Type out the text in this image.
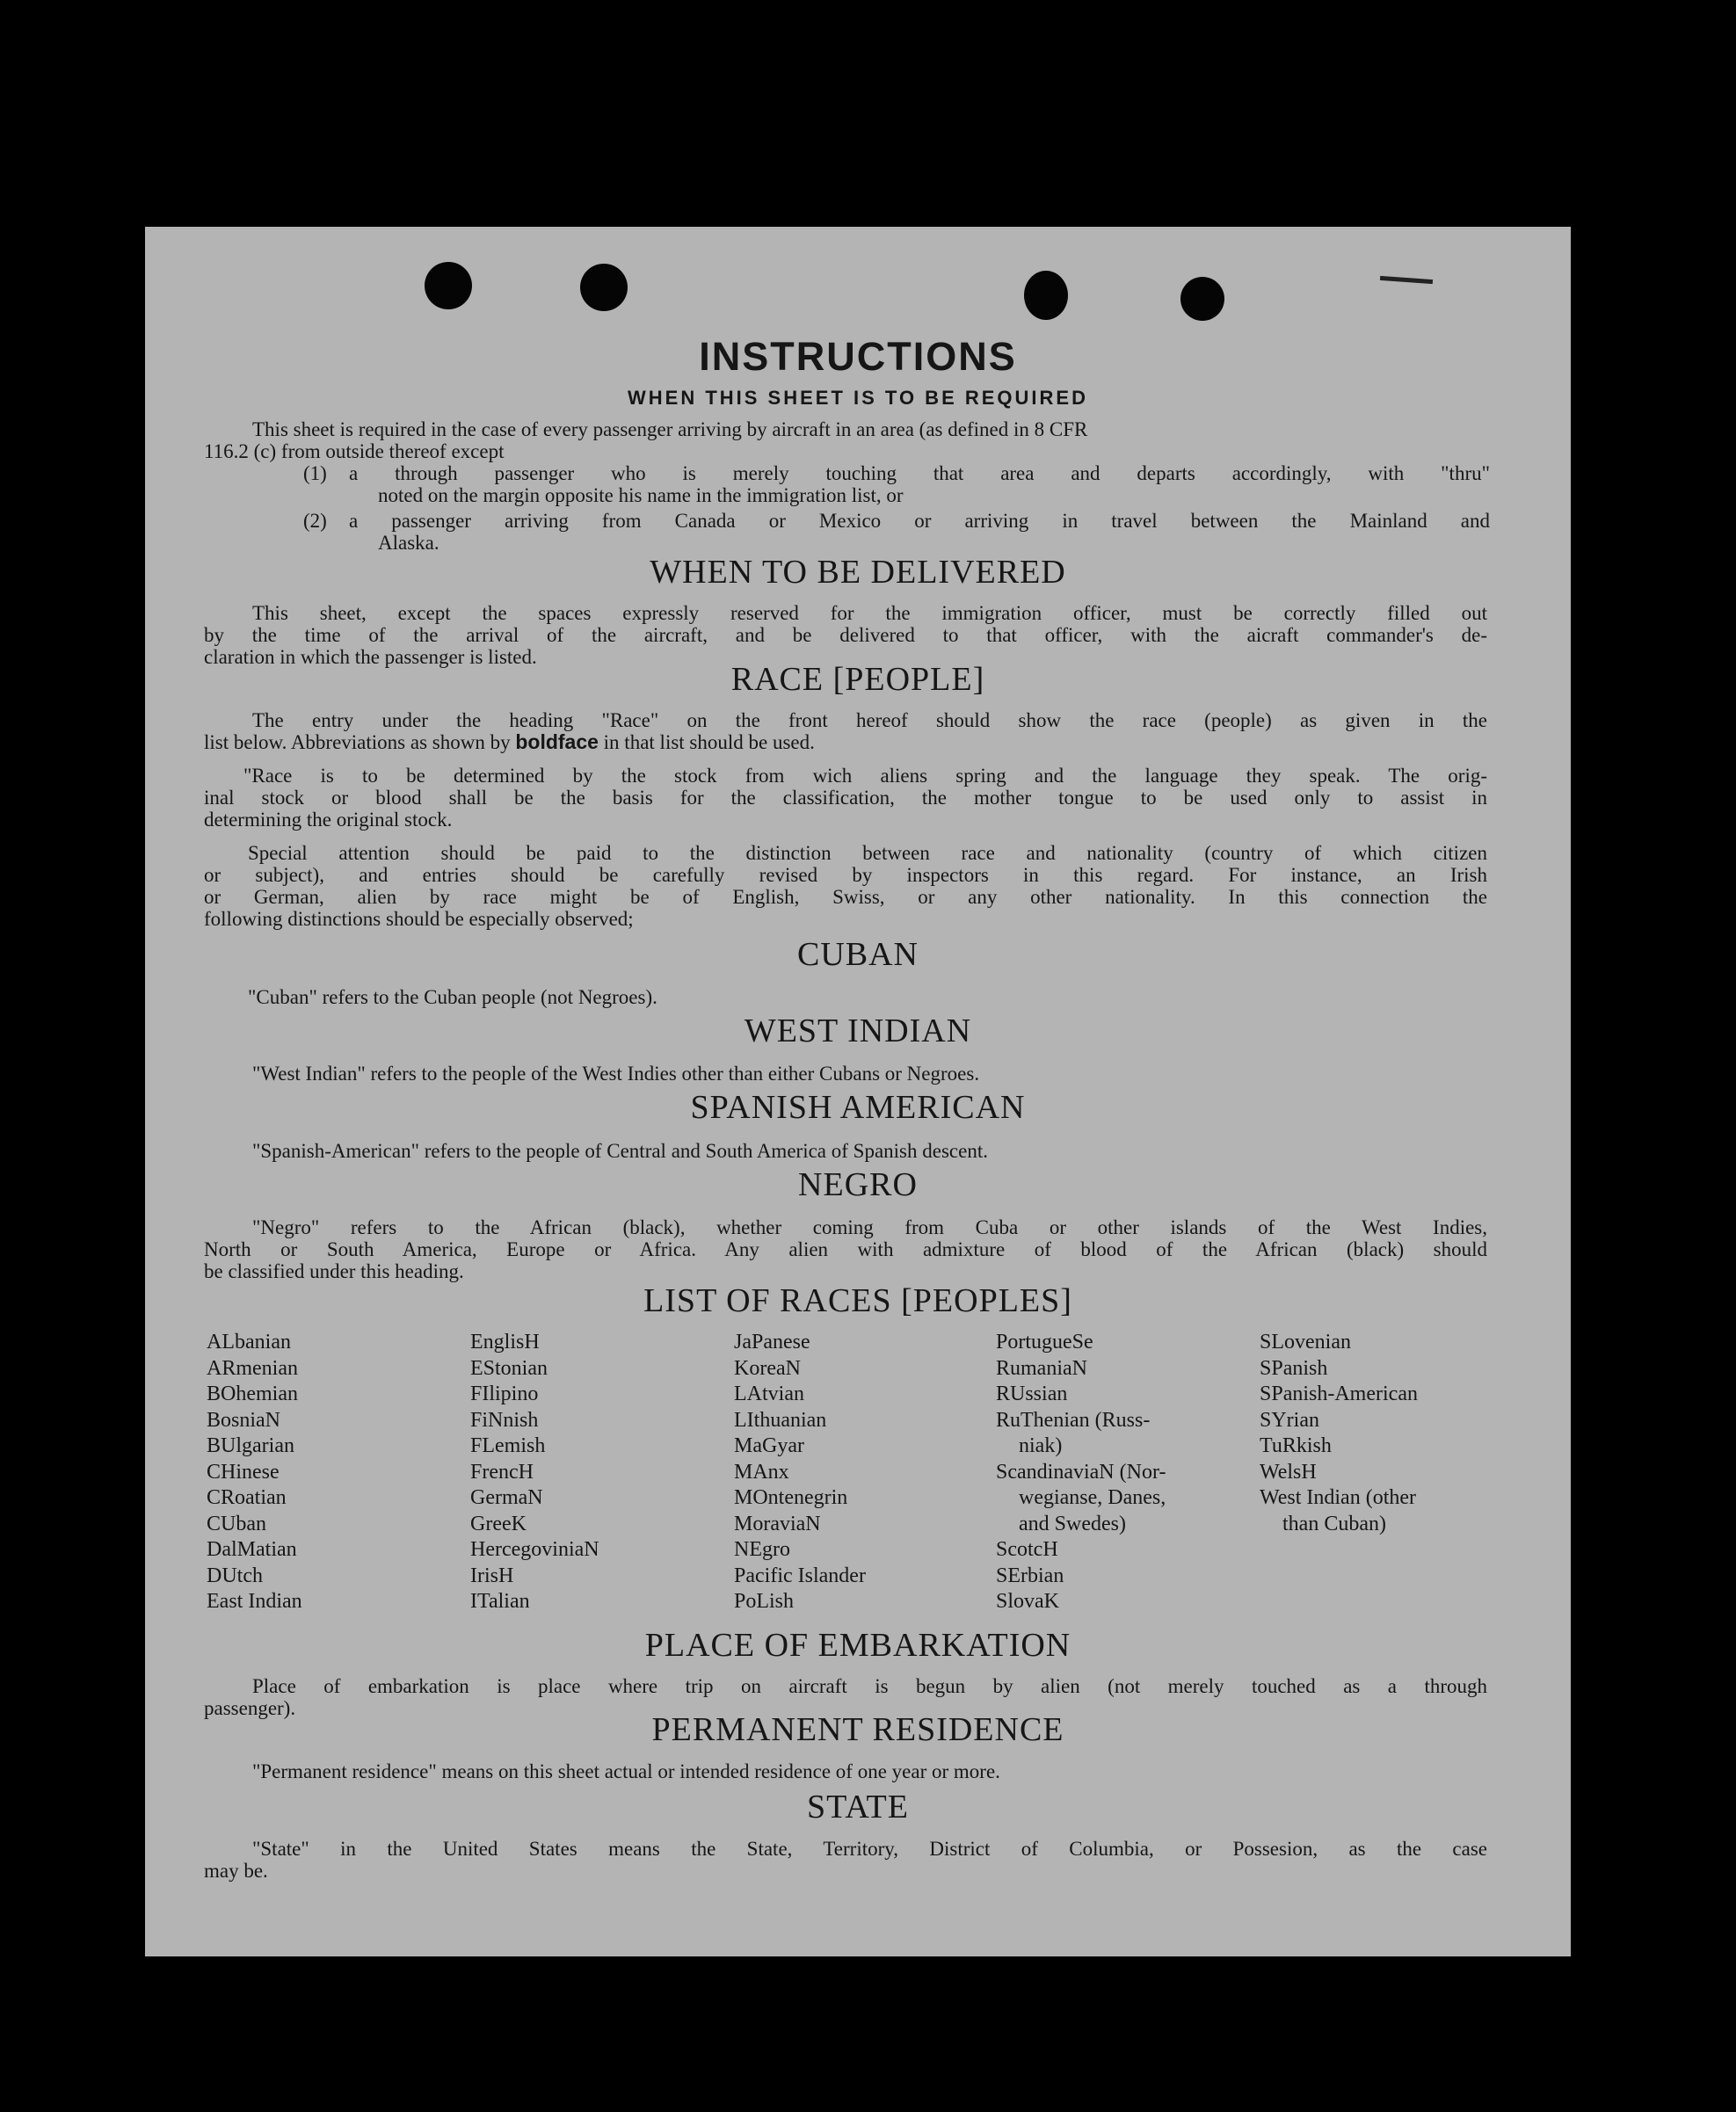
INSTRUCTIONS
WHEN THIS SHEET IS TO BE REQUIRED
This sheet is required in the case of every passenger arriving by aircraft in an area (as defined in 8 CFR
116.2 (c) from outside thereof except
(1) a through passenger who is merely touching that area and departs accordingly, with "thru"
noted on the margin opposite his name in the immigration list, or
(2) a passenger arriving from Canada or Mexico or arriving in travel between the Mainland and
Alaska.
WHEN TO BE DELIVERED
This sheet, except the spaces expressly reserved for the immigration officer, must be correctly filled out
by the time of the arrival of the aircraft, and be delivered to that officer, with the aicraft commander's de-
claration in which the passenger is listed.
RACE [PEOPLE]
The entry under the heading "Race" on the front hereof should show the race (people) as given in the
list below. Abbreviations as shown by boldface in that list should be used.
"Race is to be determined by the stock from wich aliens spring and the language they speak. The orig-
inal stock or blood shall be the basis for the classification, the mother tongue to be used only to assist in
determining the original stock.
Special attention should be paid to the distinction between race and nationality (country of which citizen
or subject), and entries should be carefully revised by inspectors in this regard. For instance, an Irish
or German, alien by race might be of English, Swiss, or any other nationality. In this connection the
following distinctions should be especially observed;
CUBAN
"Cuban" refers to the Cuban people (not Negroes).
WEST INDIAN
"West Indian" refers to the people of the West Indies other than either Cubans or Negroes.
SPANISH AMERICAN
"Spanish-American" refers to the people of Central and South America of Spanish descent.
NEGRO
"Negro" refers to the African (black), whether coming from Cuba or other islands of the West Indies,
North or South America, Europe or Africa. Any alien with admixture of blood of the African (black) should
be classified under this heading.
LIST OF RACES [PEOPLES]
ALbanian
ARmenian
BOhemian
BosniaN
BUlgarian
CHinese
CRoatian
CUban
DalMatian
DUtch
East Indian
EnglisH
EStonian
FIlipino
FiNnish
FLemish
FrencH
GermaN
GreeK
HercegoviniaN
IrisH
ITalian
JaPanese
KoreaN
LAtvian
LIthuanian
MaGyar
MAnx
MOntenegrin
MoraviaN
NEgro
Pacific Islander
PoLish
PortugueSe
RumaniaN
RUssian
RuThenian (Russ-
niak)
ScandinaviaN (Nor-
wegianse, Danes,
and Swedes)
ScotcH
SErbian
SlovaK
SLovenian
SPanish
SPanish-American
SYrian
TuRkish
WelsH
West Indian (other
than Cuban)
PLACE OF EMBARKATION
Place of embarkation is place where trip on aircraft is begun by alien (not merely touched as a through
passenger).
PERMANENT RESIDENCE
"Permanent residence" means on this sheet actual or intended residence of one year or more.
STATE
"State" in the United States means the State, Territory, District of Columbia, or Possesion, as the case
may be.
